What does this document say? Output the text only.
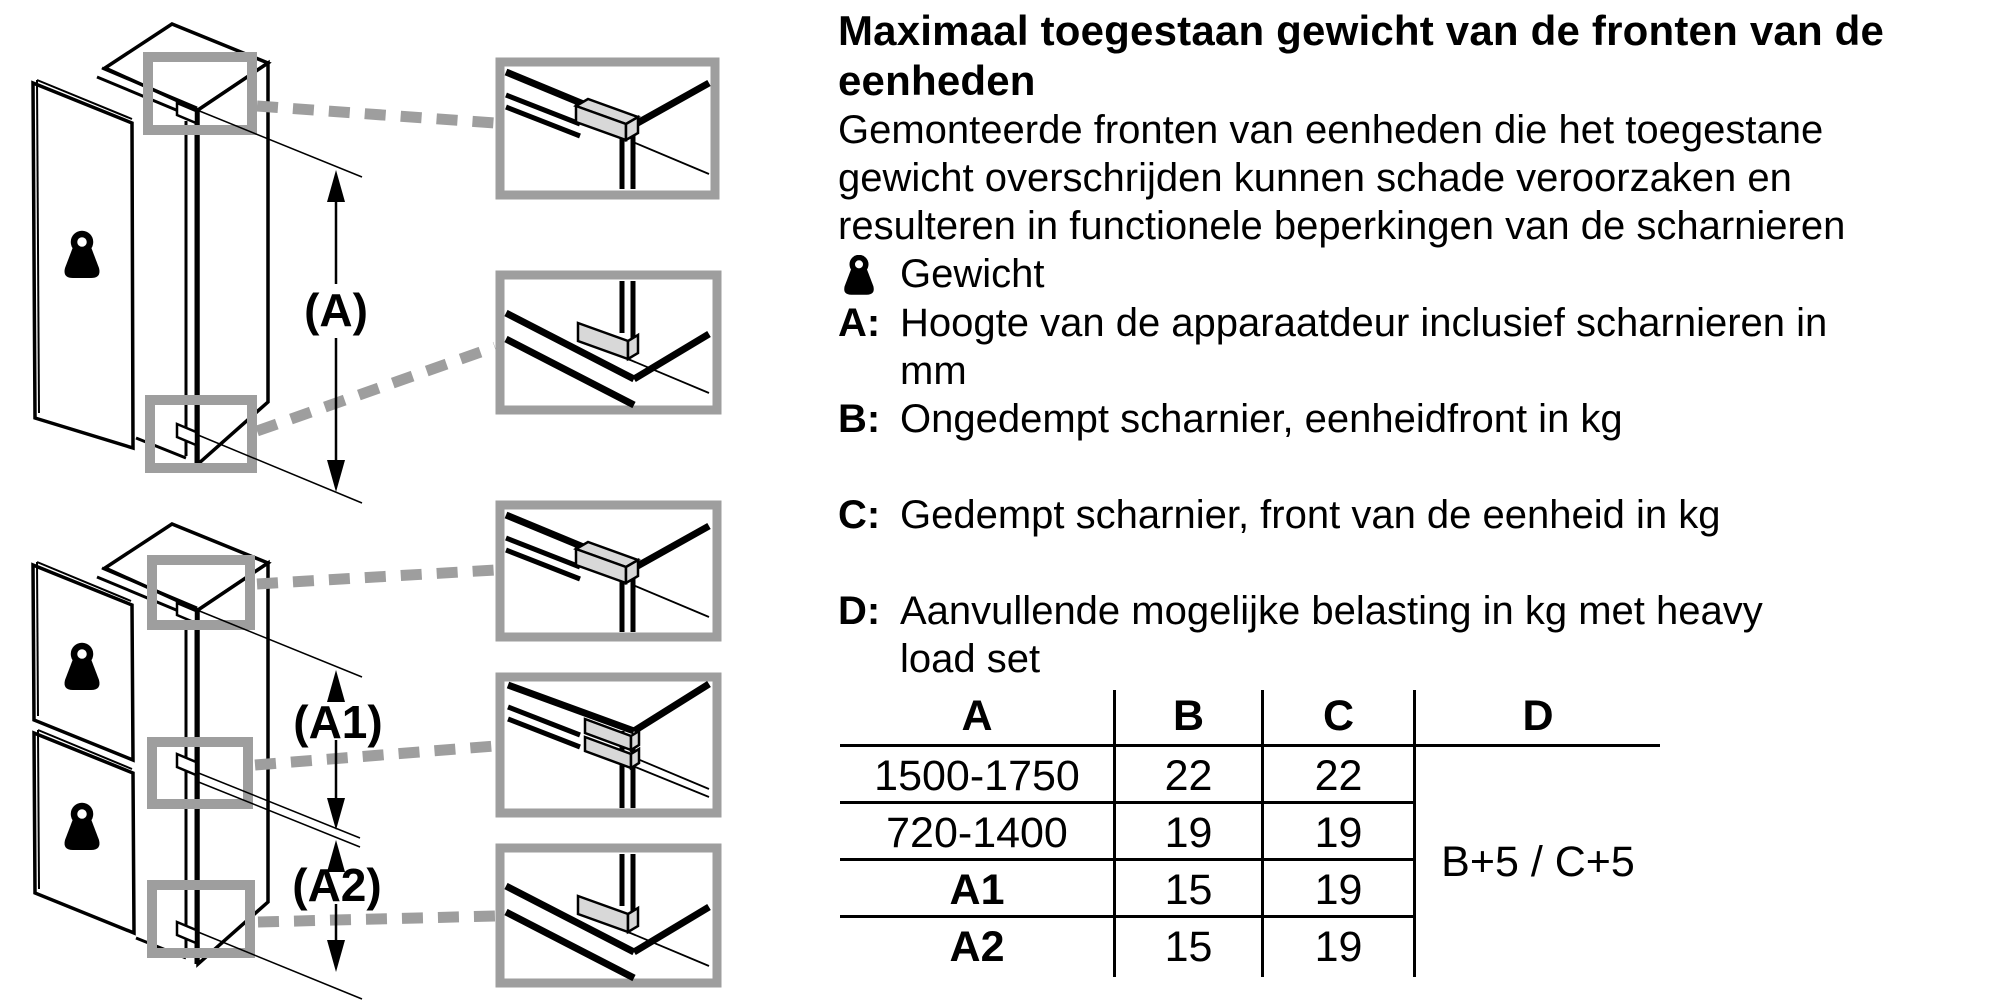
(A)
(A1)
(A2)
Maximaal toegestaan gewicht van de fronten van de
eenheden
Gemonteerde fronten van eenheden die het toegestane
gewicht overschrijden kunnen schade veroorzaken en
resulteren in functionele beperkingen van de scharnieren
Gewicht
A: Hoogte van de apparaatdeur inclusief scharnieren in
mm
B: Ongedempt scharnier, eenheidfront in kg
C: Gedempt scharnier, front van de eenheid in kg
D: Aanvullende mogelijke belasting in kg met heavy
load set
A	B	C	D
1500-1750	22	22
720-1400	19	19
A1	15	19
A2	15	19
B+5 / C+5
